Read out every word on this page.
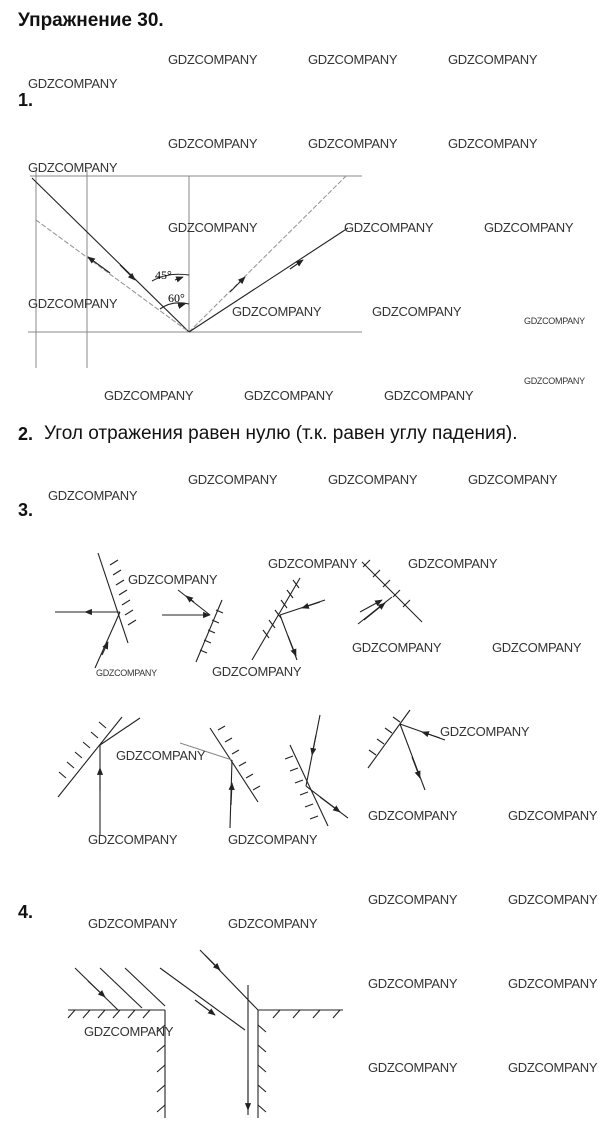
Упражнение 30.
1.
2. Угол отражения равен нулю (т.к. равен углу падения).
3.
4.
45°
60°
GDZCOMPANY	GDZCOMPANY	GDZCOMPANY
GDZCOMPANY
GDZCOMPANY	GDZCOMPANY	GDZCOMPANY
GDZCOMPANY
GDZCOMPANY	GDZCOMPANY	GDZCOMPANY
GDZCOMPANY
GDZCOMPANY	GDZCOMPANY
GDZCOMPANY
GDZCOMPANY
GDZCOMPANY	GDZCOMPANY	GDZCOMPANY
GDZCOMPANY	GDZCOMPANY	GDZCOMPANY
GDZCOMPANY
GDZCOMPANY	GDZCOMPANY
GDZCOMPANY
GDZCOMPANY	GDZCOMPANY
GDZCOMPANY	GDZCOMPANY
GDZCOMPANY
GDZCOMPANY
GDZCOMPANY	GDZCOMPANY
GDZCOMPANY	GDZCOMPANY
GDZCOMPANY	GDZCOMPANY
GDZCOMPANY	GDZCOMPANY
GDZCOMPANY	GDZCOMPANY
GDZCOMPANY
GDZCOMPANY	GDZCOMPANY
